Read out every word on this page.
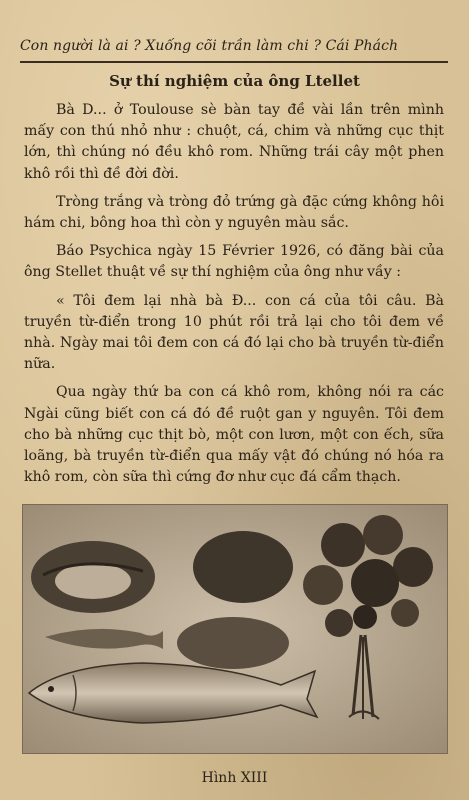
Con người là ai ? Xuống cõi trần làm chi ? Cái Phách
Sự thí nghiệm của ông Ltellet

Bà D... ở Toulouse sè bàn tay đề vài lần trên mình mấy con thú nhỏ như : chuột, cá, chim và những cục thịt lớn, thì chúng nó đều khô rom. Những trái cây một phen khô rồi thì đề đời đời.

Tròng trắng và tròng đỏ trứng gà đặc cứng không hôi hám chi, bông hoa thì còn y nguyên màu sắc.

Báo Psychica ngày 15 Février 1926, có đăng bài của ông Stellet thuật về sự thí nghiệm của ông như vầy :

« Tôi đem lại nhà bà Đ... con cá của tôi câu. Bà truyền từ-điển trong 10 phút rồi trả lại cho tôi đem về nhà. Ngày mai tôi đem con cá đó lại cho bà truyền từ-điển nữa.

Qua ngày thứ ba con cá khô rom, không nói ra các Ngài cũng biết con cá đó đề ruột gan y nguyên. Tôi đem cho bà những cục thịt bò, một con lươn, một con ếch, sữa loãng, bà truyền từ-điển qua mấy vật đó chúng nó hóa ra khô rom, còn sữa thì cứng đơ như cục đá cẩm thạch.

Hình XIII
